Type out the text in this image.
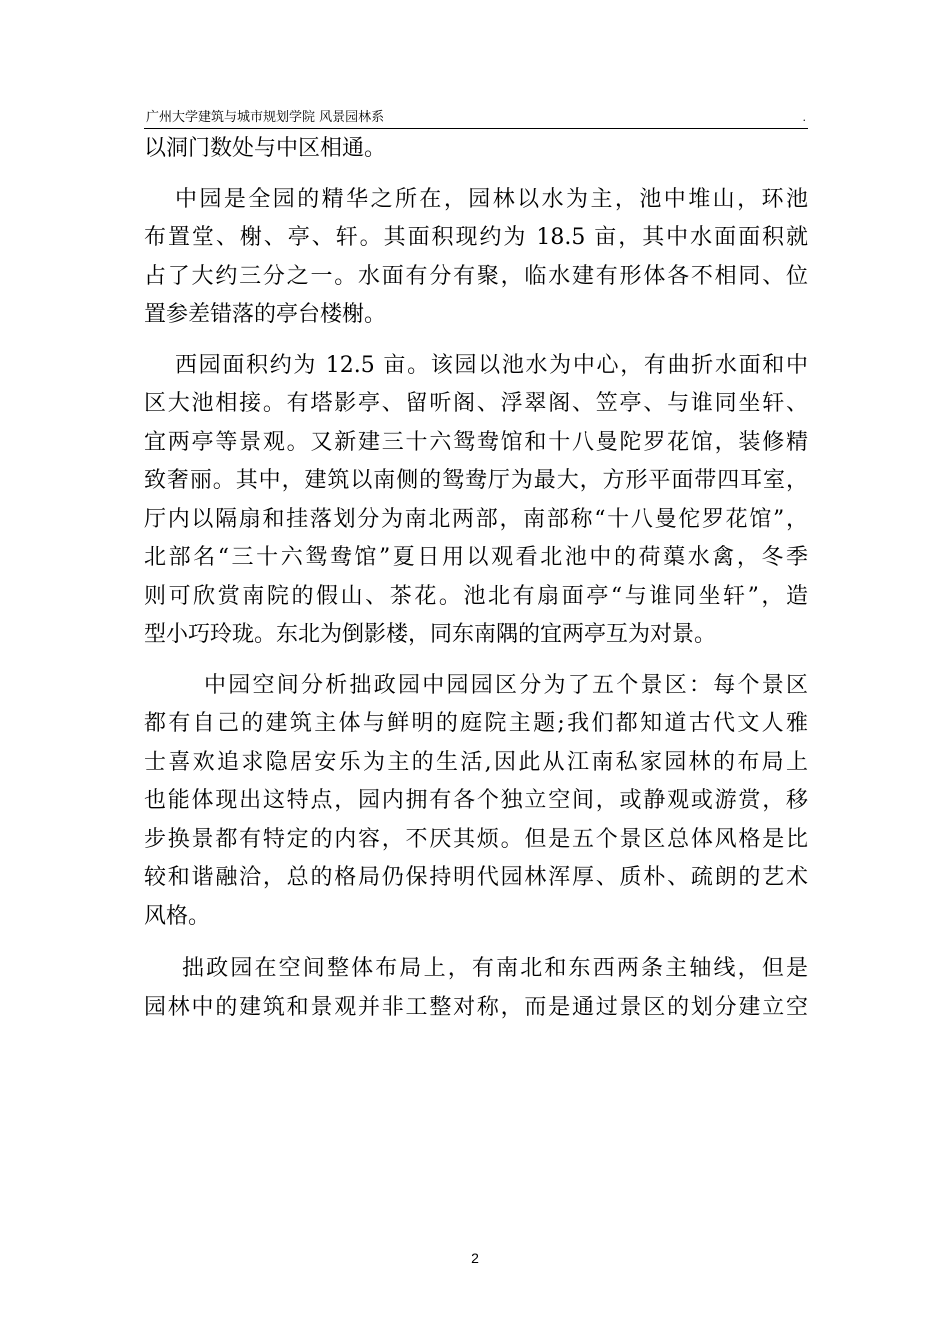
广州大学建筑与城市规划学院 风景园林系	.
以洞门数处与中区相通。
中园是全园的精华之所在，园林以水为主，池中堆山，环池
布置堂、榭、亭、轩。其面积现约为 18.5 亩，其中水面面积就
占了大约三分之一。水面有分有聚，临水建有形体各不相同、位
置参差错落的亭台楼榭。
西园面积约为 12.5 亩。该园以池水为中心，有曲折水面和中
区大池相接。有塔影亭、留听阁、浮翠阁、笠亭、与谁同坐轩、
宜两亭等景观。又新建三十六鸳鸯馆和十八曼陀罗花馆，装修精
致奢丽。其中，建筑以南侧的鸳鸯厅为最大，方形平面带四耳室，
厅内以隔扇和挂落划分为南北两部，南部称“十八曼佗罗花馆”，
北部名“三十六鸳鸯馆”夏日用以观看北池中的荷蕖水禽，冬季
则可欣赏南院的假山、茶花。池北有扇面亭“与谁同坐轩”，造
型小巧玲珑。东北为倒影楼，同东南隅的宜两亭互为对景。
中园空间分析拙政园中园园区分为了五个景区：每个景区
都有自己的建筑主体与鲜明的庭院主题;我们都知道古代文人雅
士喜欢追求隐居安乐为主的生活,因此从江南私家园林的布局上
也能体现出这特点，园内拥有各个独立空间，或静观或游赏，移
步换景都有特定的内容，不厌其烦。但是五个景区总体风格是比
较和谐融洽，总的格局仍保持明代园林浑厚、质朴、疏朗的艺术
风格。
拙政园在空间整体布局上，有南北和东西两条主轴线，但是
园林中的建筑和景观并非工整对称，而是通过景区的划分建立空
2
